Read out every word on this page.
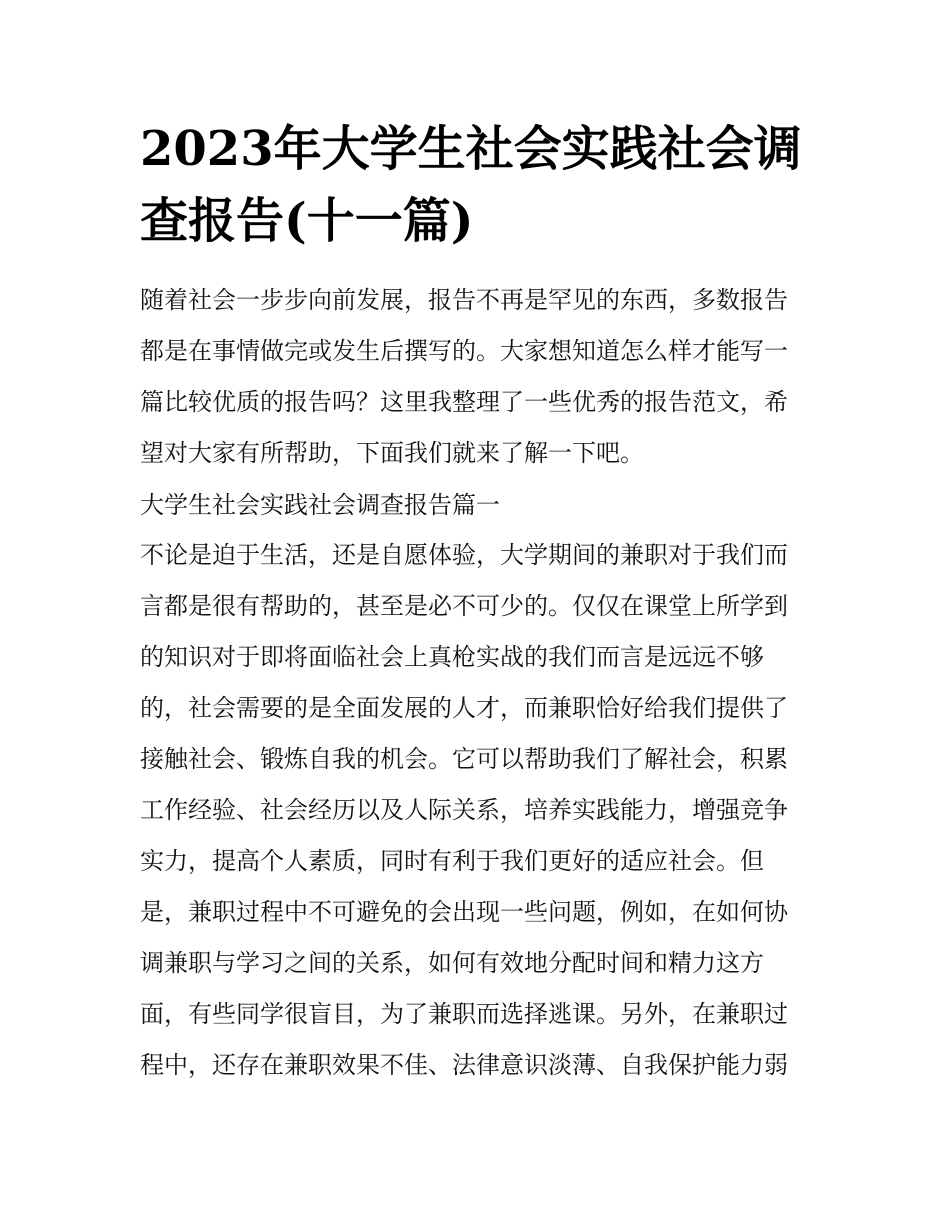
2023年大学生社会实践社会调
查报告(十一篇)
随着社会一步步向前发展，报告不再是罕见的东西，多数报告
都是在事情做完或发生后撰写的。大家想知道怎么样才能写一
篇比较优质的报告吗？这里我整理了一些优秀的报告范文，希
望对大家有所帮助，下面我们就来了解一下吧。
大学生社会实践社会调查报告篇一
不论是迫于生活，还是自愿体验，大学期间的兼职对于我们而
言都是很有帮助的，甚至是必不可少的。仅仅在课堂上所学到
的知识对于即将面临社会上真枪实战的我们而言是远远不够
的，社会需要的是全面发展的人才，而兼职恰好给我们提供了
接触社会、锻炼自我的机会。它可以帮助我们了解社会，积累
工作经验、社会经历以及人际关系，培养实践能力，增强竞争
实力，提高个人素质，同时有利于我们更好的适应社会。但
是，兼职过程中不可避免的会出现一些问题，例如，在如何协
调兼职与学习之间的关系，如何有效地分配时间和精力这方
面，有些同学很盲目，为了兼职而选择逃课。另外，在兼职过
程中，还存在兼职效果不佳、法律意识淡薄、自我保护能力弱
